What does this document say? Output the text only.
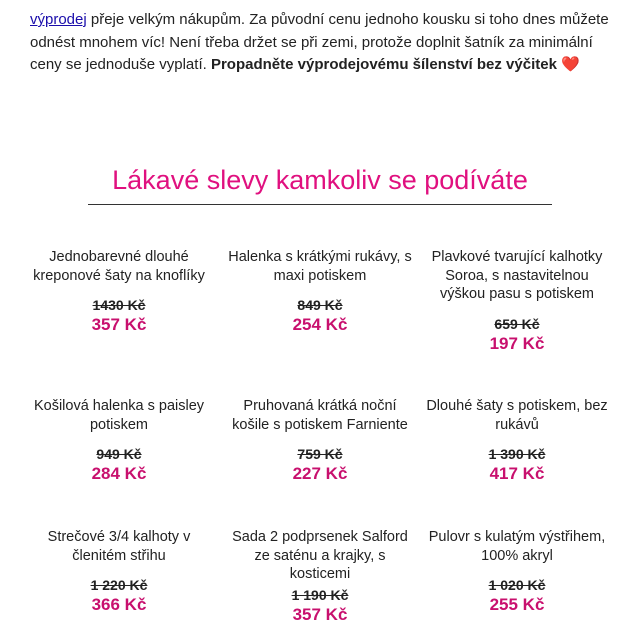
výprodej přeje velkým nákupům. Za původní cenu jednoho kousku si toho dnes můžete odnést mnohem víc! Není třeba držet se při zemi, protože doplnit šatník za minimální ceny se jednoduše vyplatí. Propadněte výprodejovému šílenství bez výčitek ❤️
Lákavé slevy kamkoliv se podíváte

Jednobarevné dlouhé kreponové šaty na knoflíky

1430 Kč
357 Kč

Halenka s krátkými rukávy, s maxi potiskem

849 Kč
254 Kč

Plavkové tvarující kalhotky Soroa, s nastavitelnou výškou pasu s potiskem

659 Kč
197 Kč

Košilová halenka s paisley potiskem

949 Kč
284 Kč

Pruhovaná krátká noční košile s potiskem Farniente

759 Kč
227 Kč

Dlouhé šaty s potiskem, bez rukávů

1 390 Kč
417 Kč

Strečové 3/4 kalhoty v členitém střihu

1 220 Kč
366 Kč

Sada 2 podprsenek Salford ze saténu a krajky, s kosticemi

1 190 Kč
357 Kč

Pulovr s kulatým výstřihem, 100% akryl

1 020 Kč
255 Kč
